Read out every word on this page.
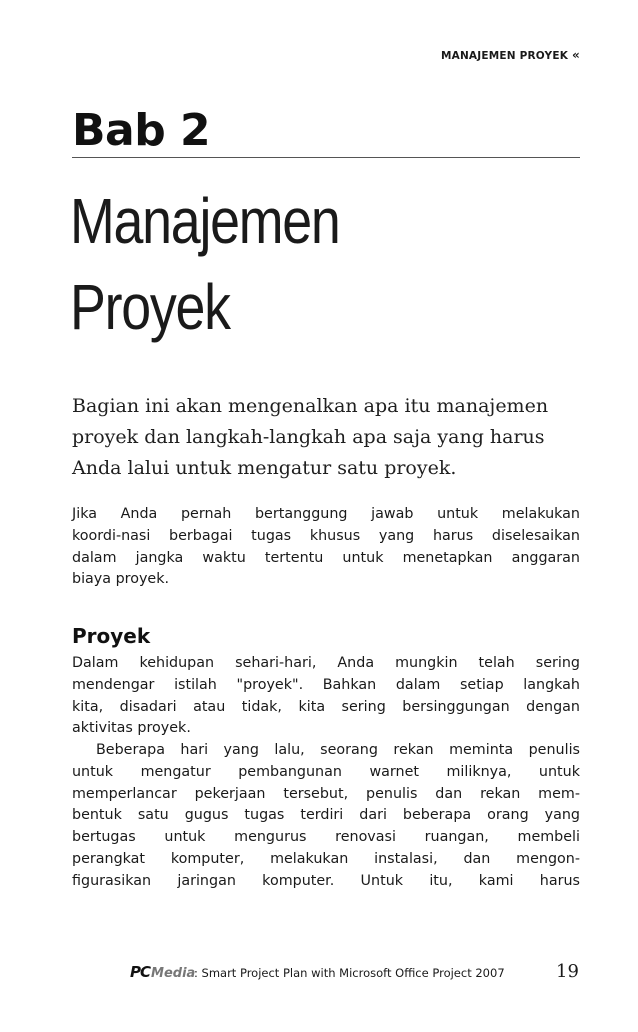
MANAJEMEN PROYEK «
Bab 2
Manajemen
Proyek
Bagian ini akan mengenalkan apa itu manajemen
proyek dan langkah-langkah apa saja yang harus
Anda lalui untuk mengatur satu proyek.
Jika Anda pernah bertanggung jawab untuk melakukan
koordi-nasi berbagai tugas khusus yang harus diselesaikan
dalam jangka waktu tertentu untuk menetapkan anggaran
biaya proyek.
Proyek
Dalam kehidupan sehari-hari, Anda mungkin telah sering
mendengar istilah "proyek". Bahkan dalam setiap langkah
kita, disadari atau tidak, kita sering bersinggungan dengan
aktivitas proyek.
Beberapa hari yang lalu, seorang rekan meminta penulis
untuk mengatur pembangunan warnet miliknya, untuk
memperlancar pekerjaan tersebut, penulis dan rekan mem-
bentuk satu gugus tugas terdiri dari beberapa orang yang
bertugas untuk mengurus renovasi ruangan, membeli
perangkat komputer, melakukan instalasi, dan mengon-
figurasikan jaringan komputer. Untuk itu, kami harus
PCMedia
: Smart Project Plan with Microsoft Office Project 2007	19
